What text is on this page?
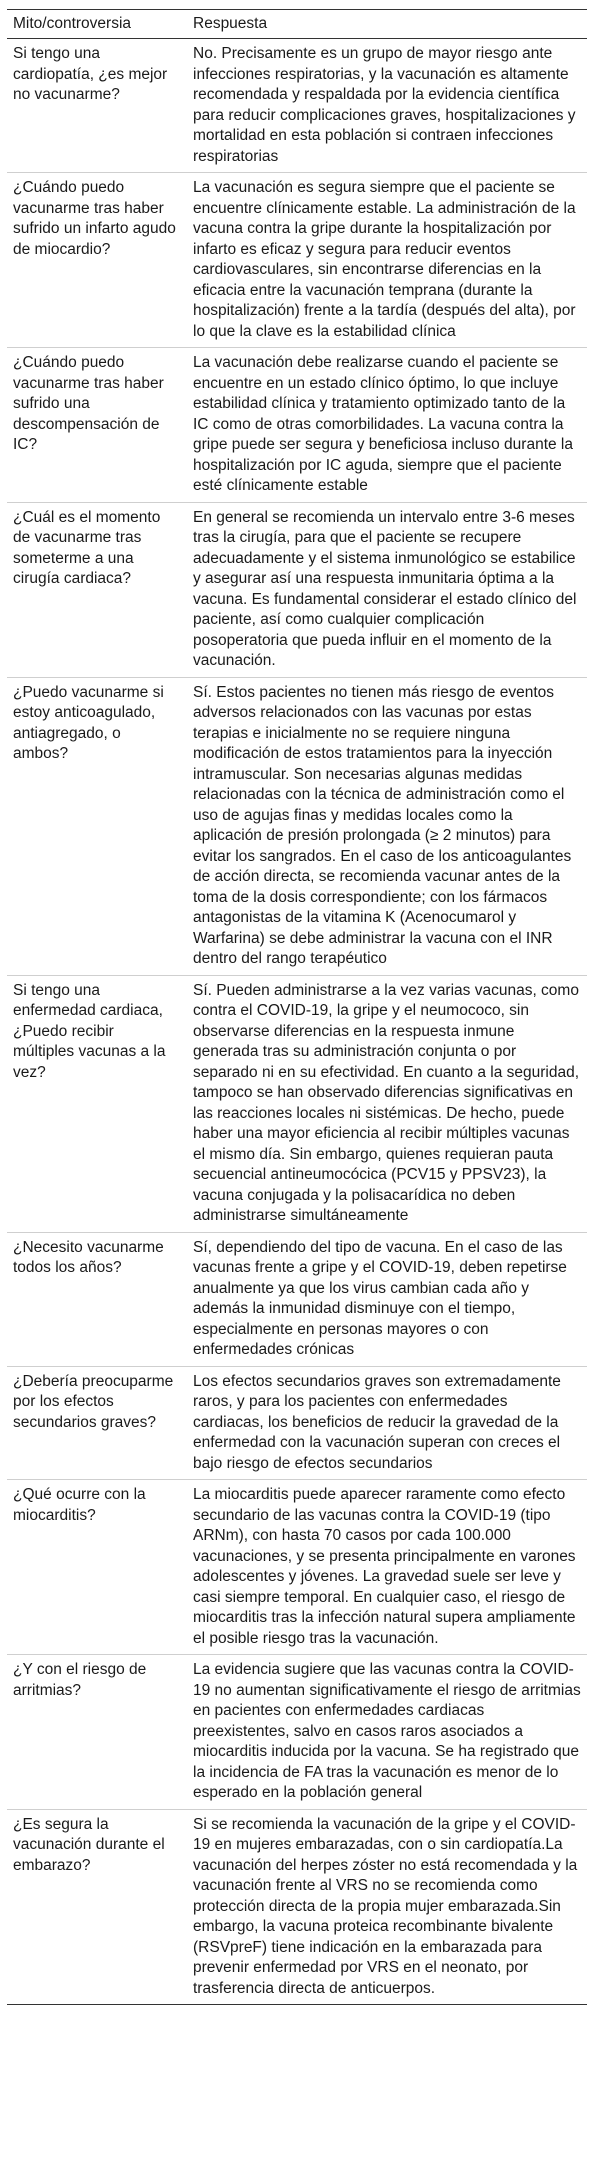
Mito/controversia	Respuesta
Si tengo una cardiopatía, ¿es mejor no vacunarme?	No. Precisamente es un grupo de mayor riesgo ante infecciones respiratorias, y la vacunación es altamente recomendada y respaldada por la evidencia científica para reducir complicaciones graves, hospitalizaciones y mortalidad en esta población si contraen infecciones respiratorias
¿Cuándo puedo vacunarme tras haber sufrido un infarto agudo de miocardio?	La vacunación es segura siempre que el paciente se encuentre clínicamente estable. La administración de la vacuna contra la gripe durante la hospitalización por infarto es eficaz y segura para reducir eventos cardiovasculares, sin encontrarse diferencias en la eficacia entre la vacunación temprana (durante la hospitalización) frente a la tardía (después del alta), por lo que la clave es la estabilidad clínica
¿Cuándo puedo vacunarme tras haber sufrido una descompensación de IC?	La vacunación debe realizarse cuando el paciente se encuentre en un estado clínico óptimo, lo que incluye estabilidad clínica y tratamiento optimizado tanto de la IC como de otras comorbilidades. La vacuna contra la gripe puede ser segura y beneficiosa incluso durante la hospitalización por IC aguda, siempre que el paciente esté clínicamente estable
¿Cuál es el momento de vacunarme tras someterme a una cirugía cardiaca?	En general se recomienda un intervalo entre 3-6 meses tras la cirugía, para que el paciente se recupere adecuadamente y el sistema inmunológico se estabilice y asegurar así una respuesta inmunitaria óptima a la vacuna. Es fundamental considerar el estado clínico del paciente, así como cualquier complicación posoperatoria que pueda influir en el momento de la vacunación.
¿Puedo vacunarme si estoy anticoagulado, antiagregado, o ambos?	Sí. Estos pacientes no tienen más riesgo de eventos adversos relacionados con las vacunas por estas terapias e inicialmente no se requiere ninguna modificación de estos tratamientos para la inyección intramuscular. Son necesarias algunas medidas relacionadas con la técnica de administración como el uso de agujas finas y medidas locales como la aplicación de presión prolongada (≥ 2 minutos) para evitar los sangrados. En el caso de los anticoagulantes de acción directa, se recomienda vacunar antes de la toma de la dosis correspondiente; con los fármacos antagonistas de la vitamina K (Acenocumarol y Warfarina) se debe administrar la vacuna con el INR dentro del rango terapéutico
Si tengo una enfermedad cardiaca, ¿Puedo recibir múltiples vacunas a la vez?	Sí. Pueden administrarse a la vez varias vacunas, como contra el COVID-19, la gripe y el neumococo, sin observarse diferencias en la respuesta inmune generada tras su administración conjunta o por separado ni en su efectividad. En cuanto a la seguridad, tampoco se han observado diferencias significativas en las reacciones locales ni sistémicas. De hecho, puede haber una mayor eficiencia al recibir múltiples vacunas el mismo día. Sin embargo, quienes requieran pauta secuencial antineumocócica (PCV15 y PPSV23), la vacuna conjugada y la polisacarídica no deben administrarse simultáneamente
¿Necesito vacunarme todos los años?	Sí, dependiendo del tipo de vacuna. En el caso de las vacunas frente a gripe y el COVID-19, deben repetirse anualmente ya que los virus cambian cada año y además la inmunidad disminuye con el tiempo, especialmente en personas mayores o con enfermedades crónicas
¿Debería preocuparme por los efectos secundarios graves?	Los efectos secundarios graves son extremadamente raros, y para los pacientes con enfermedades cardiacas, los beneficios de reducir la gravedad de la enfermedad con la vacunación superan con creces el bajo riesgo de efectos secundarios
¿Qué ocurre con la miocarditis?	La miocarditis puede aparecer raramente como efecto secundario de las vacunas contra la COVID-19 (tipo ARNm), con hasta 70 casos por cada 100.000 vacunaciones, y se presenta principalmente en varones adolescentes y jóvenes. La gravedad suele ser leve y casi siempre temporal. En cualquier caso, el riesgo de miocarditis tras la infección natural supera ampliamente el posible riesgo tras la vacunación.
¿Y con el riesgo de arritmias?	La evidencia sugiere que las vacunas contra la COVID-19 no aumentan significativamente el riesgo de arritmias en pacientes con enfermedades cardiacas preexistentes, salvo en casos raros asociados a miocarditis inducida por la vacuna. Se ha registrado que la incidencia de FA tras la vacunación es menor de lo esperado en la población general
¿Es segura la vacunación durante el embarazo?	Si se recomienda la vacunación de la gripe y el COVID-19 en mujeres embarazadas, con o sin cardiopatía.La vacunación del herpes zóster no está recomendada y la vacunación frente al VRS no se recomienda como protección directa de la propia mujer embarazada.Sin embargo, la vacuna proteica recombinante bivalente (RSVpreF) tiene indicación en la embarazada para prevenir enfermedad por VRS en el neonato, por trasferencia directa de anticuerpos.
